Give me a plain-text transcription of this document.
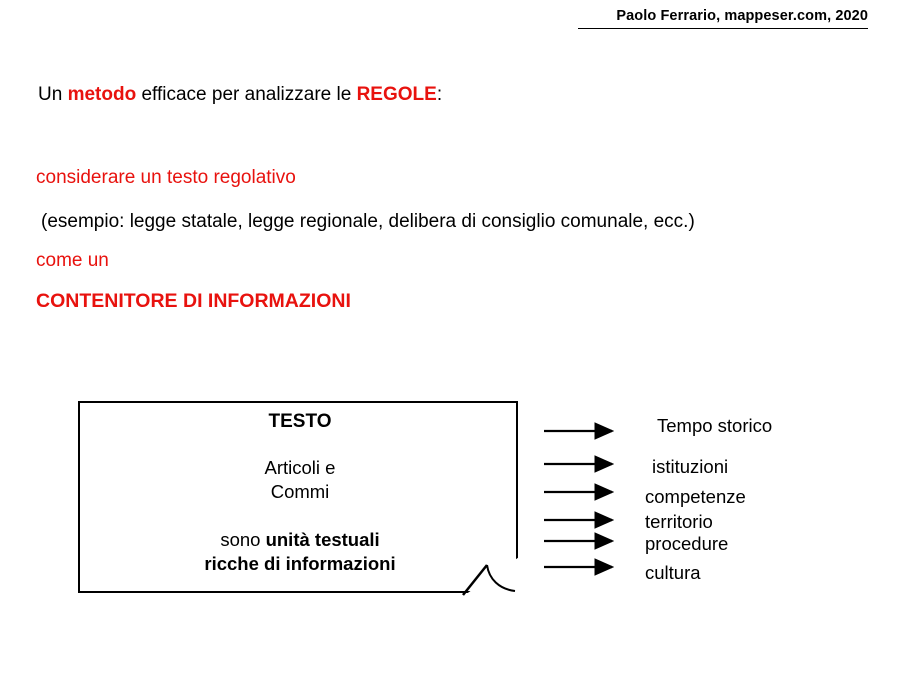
Paolo Ferrario, mappeser.com, 2020
Un metodo efficace per analizzare le REGOLE:
considerare un testo regolativo
(esempio: legge statale, legge regionale, delibera di consiglio comunale, ecc.)
come un
CONTENITORE DI INFORMAZIONI
TESTO
Articoli e
Commi
sono unità testuali
ricche di informazioni
Tempo storico
istituzioni
competenze
territorio
procedure
cultura
